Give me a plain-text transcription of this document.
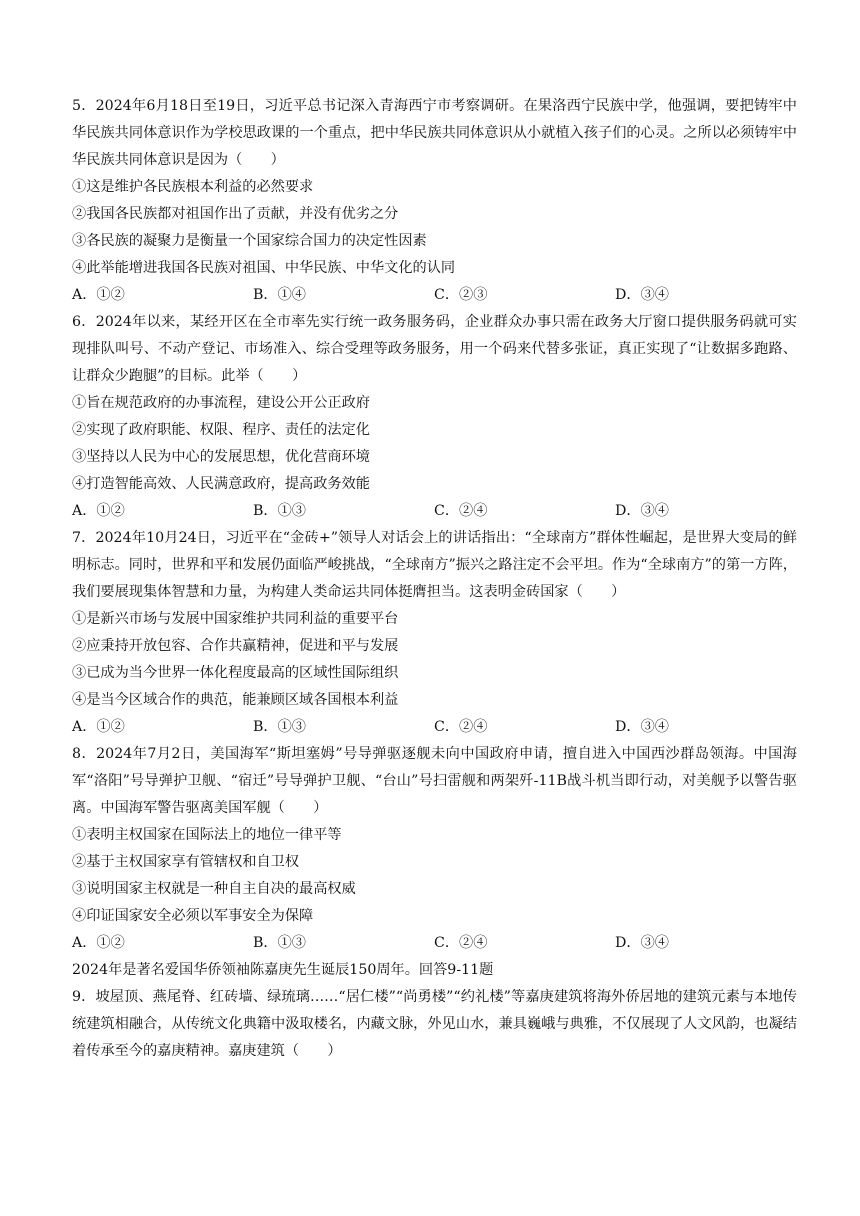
5．2024年6月18日至19日，习近平总书记深入青海西宁市考察调研。在果洛西宁民族中学，他强调，要把铸牢中华民族共同体意识作为学校思政课的一个重点，把中华民族共同体意识从小就植入孩子们的心灵。之所以必须铸牢中华民族共同体意识是因为（　　）
①这是维护各民族根本利益的必然要求
②我国各民族都对祖国作出了贡献，并没有优劣之分
③各民族的凝聚力是衡量一个国家综合国力的决定性因素
④此举能增进我国各民族对祖国、中华民族、中华文化的认同
A．①②	B．①④	C．②③	D．③④
6．2024年以来，某经开区在全市率先实行统一政务服务码，企业群众办事只需在政务大厅窗口提供服务码就可实现排队叫号、不动产登记、市场准入、综合受理等政务服务，用一个码来代替多张证，真正实现了“让数据多跑路、让群众少跑腿”的目标。此举（　　）
①旨在规范政府的办事流程，建设公开公正政府
②实现了政府职能、权限、程序、责任的法定化
③坚持以人民为中心的发展思想，优化营商环境
④打造智能高效、人民满意政府，提高政务效能
A．①②	B．①③	C．②④	D．③④
7．2024年10月24日，习近平在“金砖+”领导人对话会上的讲话指出：“全球南方”群体性崛起，是世界大变局的鲜明标志。同时，世界和平和发展仍面临严峻挑战，“全球南方”振兴之路注定不会平坦。作为“全球南方”的第一方阵，我们要展现集体智慧和力量，为构建人类命运共同体挺膺担当。这表明金砖国家（　　）
①是新兴市场与发展中国家维护共同利益的重要平台
②应秉持开放包容、合作共赢精神，促进和平与发展
③已成为当今世界一体化程度最高的区域性国际组织
④是当今区域合作的典范，能兼顾区域各国根本利益
A．①②	B．①③	C．②④	D．③④
8．2024年7月2日，美国海军“斯坦塞姆”号导弹驱逐舰未向中国政府申请，擅自进入中国西沙群岛领海。中国海军“洛阳”号导弹护卫舰、“宿迁”号导弹护卫舰、“台山”号扫雷舰和两架歼-11B战斗机当即行动，对美舰予以警告驱离。中国海军警告驱离美国军舰（　　）
①表明主权国家在国际法上的地位一律平等
②基于主权国家享有管辖权和自卫权
③说明国家主权就是一种自主自决的最高权威
④印证国家安全必须以军事安全为保障
A．①②	B．①③	C．②④	D．③④
2024年是著名爱国华侨领袖陈嘉庚先生诞辰150周年。回答9-11题
9．坡屋顶、燕尾脊、红砖墙、绿琉璃……“居仁楼”“尚勇楼”“约礼楼”等嘉庚建筑将海外侨居地的建筑元素与本地传统建筑相融合，从传统文化典籍中汲取楼名，内藏文脉，外见山水，兼具巍峨与典雅，不仅展现了人文风韵，也凝结着传承至今的嘉庚精神。嘉庚建筑（　　）
